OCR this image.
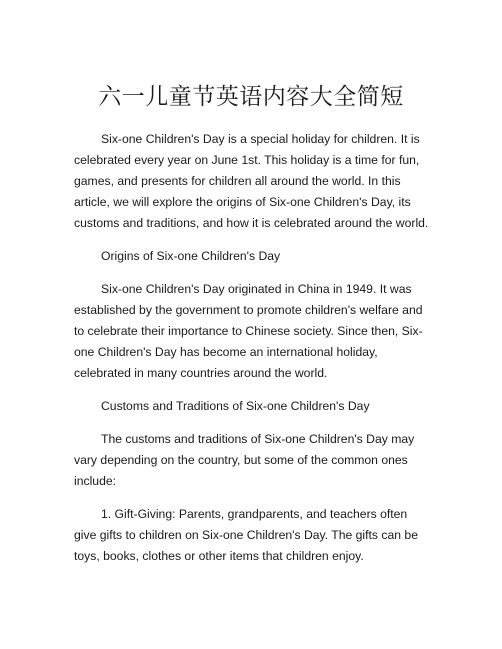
六一儿童节英语内容大全简短

Six-one Children's Day is a special holiday for children. It is celebrated every year on June 1st. This holiday is a time for fun, games, and presents for children all around the world. In this article, we will explore the origins of Six-one Children's Day, its customs and traditions, and how it is celebrated around the world.

Origins of Six-one Children's Day

Six-one Children's Day originated in China in 1949. It was established by the government to promote children's welfare and to celebrate their importance to Chinese society. Since then, Six-one Children's Day has become an international holiday, celebrated in many countries around the world.

Customs and Traditions of Six-one Children's Day

The customs and traditions of Six-one Children's Day may vary depending on the country, but some of the common ones include:

1. Gift-Giving: Parents, grandparents, and teachers often give gifts to children on Six-one Children's Day. The gifts can be toys, books, clothes or other items that children enjoy.
